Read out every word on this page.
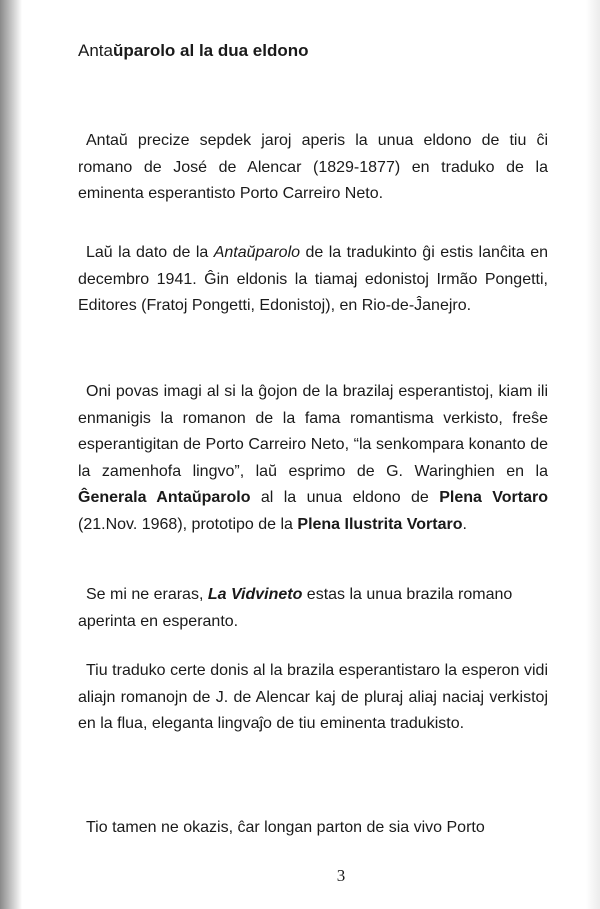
Antaŭparolo al la dua eldono

Antaŭ precize sepdek jaroj aperis la unua eldono de tiu ĉi romano de José de Alencar (1829-1877) en traduko de la eminenta esperantisto Porto Carreiro Neto.

Laŭ la dato de la Antaŭparolo de la tradukinto ĝi estis lanĉita en decembro 1941. Ĝin eldonis la tiamaj edonistoj Irmão Pongetti, Editores (Fratoj Pongetti, Edonistoj), en Rio-de-Ĵanejro.

Oni povas imagi al si la ĝojon de la brazilaj esperantistoj, kiam ili enmanigis la romanon de la fama romantisma verkisto, freŝe esperantigitan de Porto Carreiro Neto, “la senkompara konanto de la zamenhofa lingvo”, laŭ esprimo de G. Waringhien en la Ĝenerala Antaŭparolo al la unua eldono de Plena Vortaro (21.Nov. 1968), prototipo de la Plena Ilustrita Vortaro.

Se mi ne eraras, La Vidvineto estas la unua brazila romano aperinta en esperanto.

Tiu traduko certe donis al la brazila esperantistaro la esperon vidi aliajn romanojn de J. de Alencar kaj de pluraj aliaj naciaj verkistoj en la flua, eleganta lingvaĵo de tiu eminenta tradukisto.

Tio tamen ne okazis, ĉar longan parton de sia vivo Porto

3
